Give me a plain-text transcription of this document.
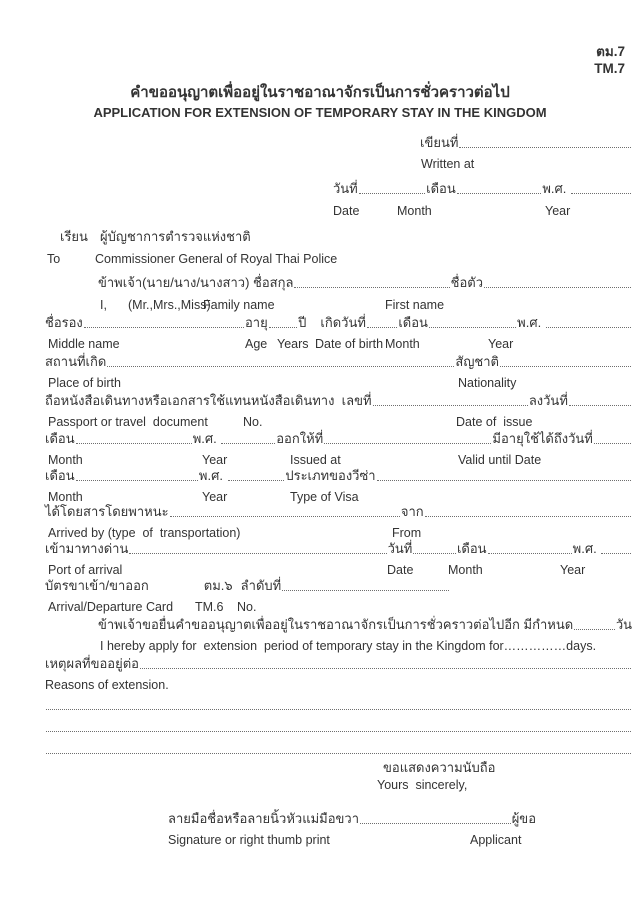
ตม.7
TM.7
คำขออนุญาตเพื่ออยู่ในราชอาณาจักรเป็นการชั่วคราวต่อไป
APPLICATION FOR EXTENSION OF TEMPORARY STAY IN THE KINGDOM
เขียนที่
Written at
วันที่	เดือน	พ.ศ.
Date	Month	Year
เรียน ผู้บัญชาการตำรวจแห่งชาติ
To	Commissioner General of Royal Thai Police
ข้าพเจ้า(นาย/นาง/นางสาว) ชื่อสกุล	ชื่อตัว
I, (Mr.,Mrs.,Miss)
Family name	First name
ชื่อรอง	อายุ ปี เกิดวันที่ เดือน	พ.ศ.
Middle name	Age Years Date of birth Month	Year
สถานที่เกิด	สัญชาติ
Place of birth	Nationality
ถือหนังสือเดินทางหรือเอกสารใช้แทนหนังสือเดินทาง  เลขที่	ลงวันที่
Passport or travel  document	No.	Date of  issue
เดือน	พ.ศ.	ออกให้ที่	มีอายุใช้ได้ถึงวันที่
Month	Year	Issued at	Valid until Date
เดือน	พ.ศ.	ประเภทของวีซ่า
Month	Year	Type of Visa
ได้โดยสารโดยพาหนะ	จาก
Arrived by (type  of  transportation)	From
เข้ามาทางด่าน	วันที่	เดือน	พ.ศ.
Port of arrival	Date	Month	Year
บัตรขาเข้า/ขาออก	ตม.๖ ลำดับที่
Arrival/Departure Card TM.6 No.
ข้าพเจ้าขอยื่นคำขออนุญาตเพื่ออยู่ในราชอาณาจักรเป็นการชั่วคราวต่อไปอีก มีกำหนด	วัน
I hereby apply for  extension  period of temporary stay in the Kingdom for……………days.
เหตุผลที่ขออยู่ต่อ
Reasons of extension.
ขอแสดงความนับถือ
Yours  sincerely,
ลายมือชื่อหรือลายนิ้วหัวแม่มือขวา	ผู้ขอ
Signature or right thumb print	Applicant
